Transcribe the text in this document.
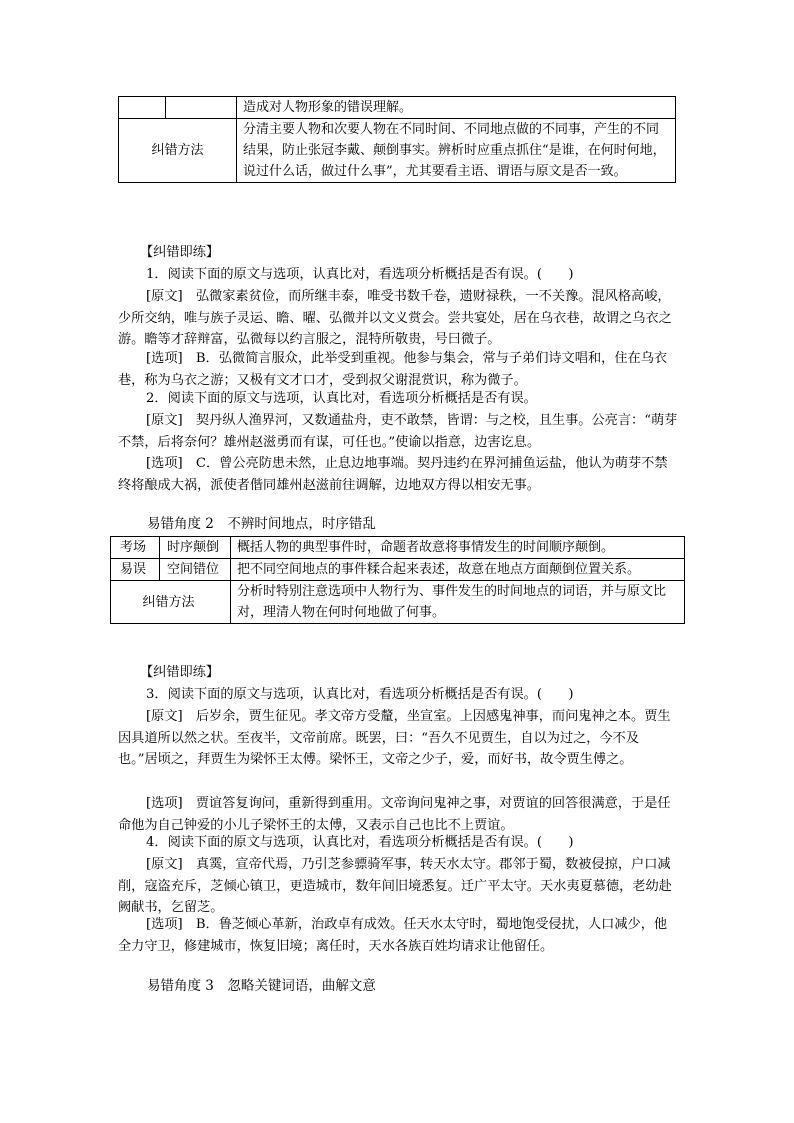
		造成对人物形象的错误理解。
纠错方法		分清主要人物和次要人物在不同时间、不同地点做的不同事，产生的不同结果，防止张冠李戴、颠倒事实。辨析时应重点抓住“是谁，在何时何地，说过什么话，做过什么事”，尤其要看主语、谓语与原文是否一致。
【纠错即练】
1．阅读下面的原文与选项，认真比对，看选项分析概括是否有误。(　　)
[原文]　弘微家素贫俭，而所继丰泰，唯受书数千卷，遗财禄秩，一不关豫。混风格高峻，少所交纳，唯与族子灵运、瞻、曜、弘微并以文义赏会。尝共宴处，居在乌衣巷，故谓之乌衣之游。瞻等才辞辩富，弘微每以约言服之，混特所敬贵，号曰微子。
[选项]　B．弘微简言服众，此举受到重视。他参与集会，常与子弟们诗文唱和，住在乌衣巷，称为乌衣之游；又极有文才口才，受到叔父谢混赏识，称为微子。
2．阅读下面的原文与选项，认真比对，看选项分析概括是否有误。
[原文]　契丹纵人渔界河，又数通盐舟，吏不敢禁，皆谓：与之校，且生事。公亮言：“萌芽不禁，后将奈何？雄州赵滋勇而有谋，可任也。”使谕以指意，边害讫息。
[选项]　C．曾公亮防患未然，止息边地事端。契丹违约在界河捕鱼运盐，他认为萌芽不禁终将酿成大祸，派使者偕同雄州赵滋前往调解，边地双方得以相安无事。
易错角度 2　不辨时间地点，时序错乱
考场	时序颠倒	概括人物的典型事件时，命题者故意将事情发生的时间顺序颠倒。
易误	空间错位	把不同空间地点的事件糅合起来表述，故意在地点方面颠倒位置关系。
纠错方法		分析时特别注意选项中人物行为、事件发生的时间地点的词语，并与原文比对，理清人物在何时何地做了何事。
【纠错即练】
3．阅读下面的原文与选项，认真比对，看选项分析概括是否有误。(　　)
[原文]　后岁余，贾生征见。孝文帝方受釐，坐宣室。上因感鬼神事，而问鬼神之本。贾生因具道所以然之状。至夜半，文帝前席。既罢，曰：“吾久不见贾生，自以为过之，今不及也。”居顷之，拜贾生为梁怀王太傅。梁怀王，文帝之少子，爱，而好书，故令贾生傅之。
[选项]　贾谊答复询问，重新得到重用。文帝询问鬼神之事，对贾谊的回答很满意，于是任命他为自己钟爱的小儿子梁怀王的太傅，又表示自己也比不上贾谊。
4．阅读下面的原文与选项，认真比对，看选项分析概括是否有误。(　　)
[原文]　真霙，宣帝代焉，乃引芝参骠骑军事，转天水太守。郡邻于蜀，数被侵掠，户口减削，寇盗充斥，芝倾心镇卫，更造城市，数年间旧境悉复。迁广平太守。天水夷夏慕德，老幼赴阙献书，乞留芝。
[选项]　B．鲁芝倾心革新，治政卓有成效。任天水太守时，蜀地饱受侵扰，人口减少，他全力守卫，修建城市，恢复旧境；离任时，天水各族百姓均请求让他留任。
易错角度 3　忽略关键词语，曲解文意
